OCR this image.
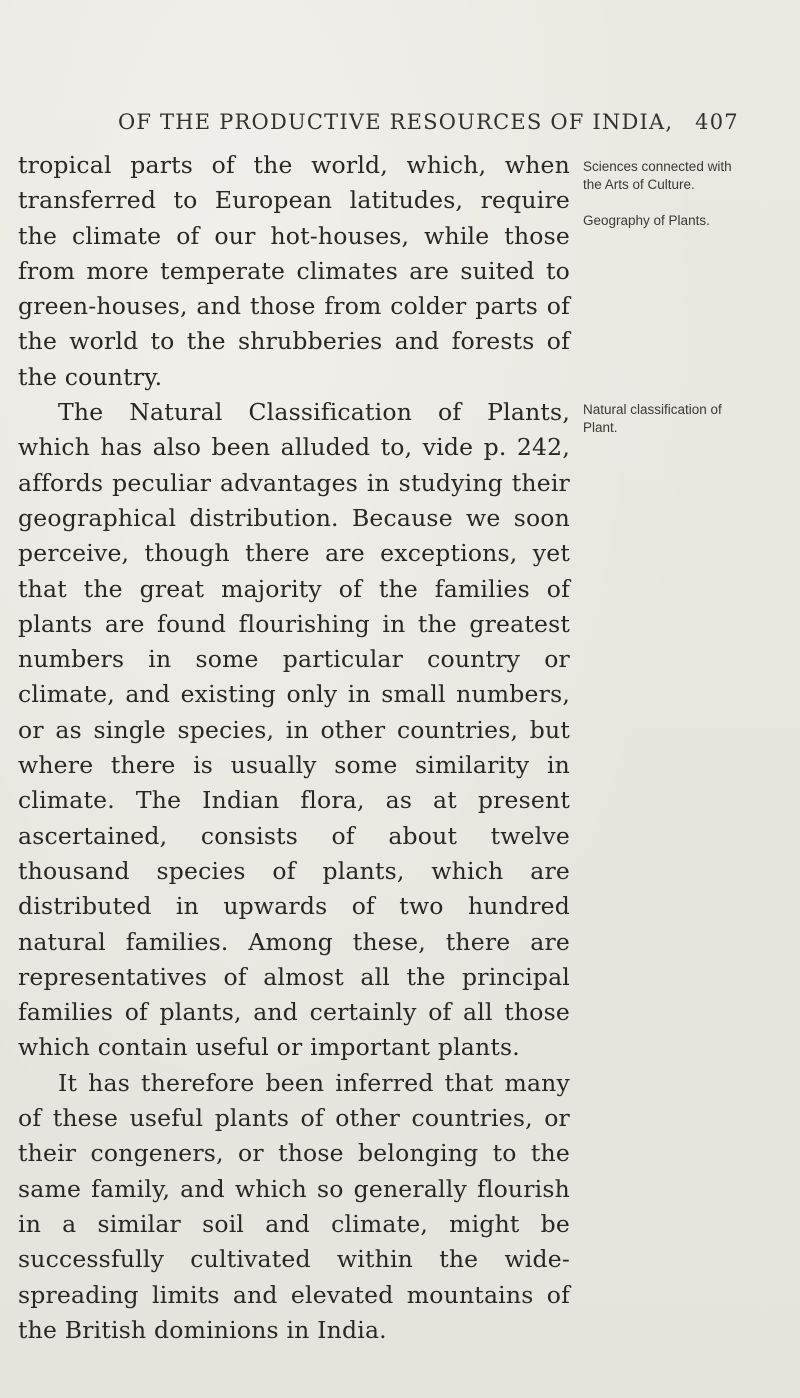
OF THE PRODUCTIVE RESOURCES OF INDIA, 407

tropical parts of the world, which, when transferred to European latitudes, require the climate of our hot-houses, while those from more temperate climates are suited to green-houses, and those from colder parts of the world to the shrubberies and forests of the country.

The Natural Classification of Plants, which has also been alluded to, vide p. 242, affords peculiar advantages in studying their geographical distribution. Because we soon perceive, though there are exceptions, yet that the great majority of the families of plants are found flourishing in the greatest numbers in some particular country or climate, and existing only in small numbers, or as single species, in other countries, but where there is usually some similarity in climate. The Indian flora, as at present ascertained, consists of about twelve thousand species of plants, which are distributed in upwards of two hundred natural families. Among these, there are representatives of almost all the principal families of plants, and certainly of all those which contain useful or important plants.

It has therefore been inferred that many of these useful plants of other countries, or their congeners, or those belonging to the same family, and which so generally flourish in a similar soil and climate, might be successfully cultivated within the wide-spreading limits and elevated mountains of the British dominions in India.

Sciences connected with the Arts of Culture.
Geography of Plants.
Natural classification of Plant.
